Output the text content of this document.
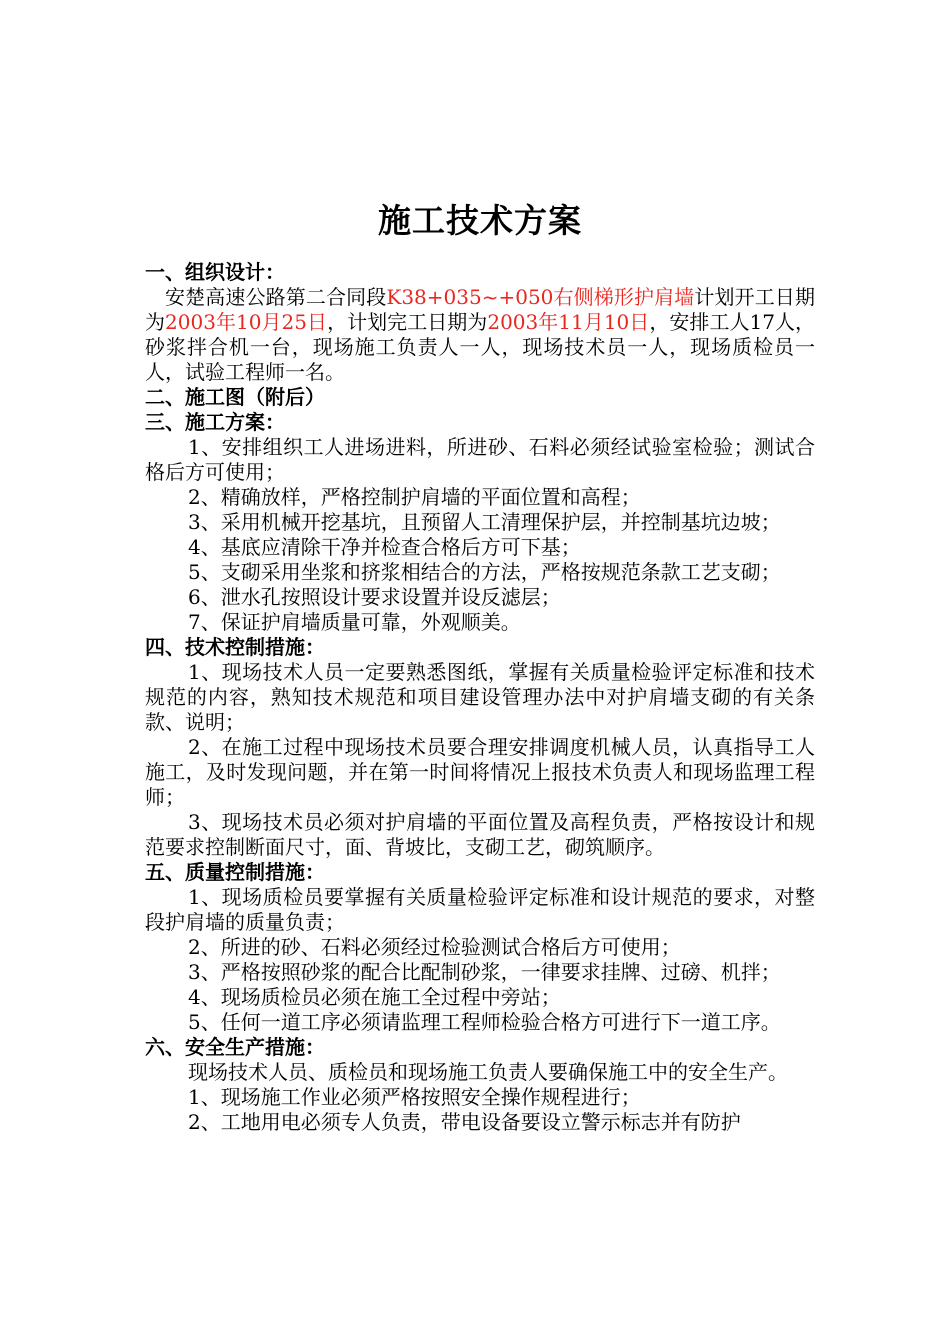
施工技术方案
一、组织设计：
安楚高速公路第二合同段K38+035~+050右侧梯形护肩墙计划开工日期为2003年10月25日，计划完工日期为2003年11月10日，安排工人17人，砂浆拌合机一台，现场施工负责人一人，现场技术员一人，现场质检员一人，试验工程师一名。
二、施工图（附后）
三、施工方案：
1、安排组织工人进场进料，所进砂、石料必须经试验室检验；测试合格后方可使用；
2、精确放样，严格控制护肩墙的平面位置和高程；
3、采用机械开挖基坑，且预留人工清理保护层，并控制基坑边坡；
4、基底应清除干净并检查合格后方可下基；
5、支砌采用坐浆和挤浆相结合的方法，严格按规范条款工艺支砌；
6、泄水孔按照设计要求设置并设反滤层；
7、保证护肩墙质量可靠，外观顺美。
四、技术控制措施：
1、现场技术人员一定要熟悉图纸，掌握有关质量检验评定标准和技术规范的内容，熟知技术规范和项目建设管理办法中对护肩墙支砌的有关条款、说明；
2、在施工过程中现场技术员要合理安排调度机械人员，认真指导工人施工，及时发现问题，并在第一时间将情况上报技术负责人和现场监理工程师；
3、现场技术员必须对护肩墙的平面位置及高程负责，严格按设计和规范要求控制断面尺寸，面、背坡比，支砌工艺，砌筑顺序。
五、质量控制措施：
1、现场质检员要掌握有关质量检验评定标准和设计规范的要求，对整段护肩墙的质量负责；
2、所进的砂、石料必须经过检验测试合格后方可使用；
3、严格按照砂浆的配合比配制砂浆，一律要求挂牌、过磅、机拌；
4、现场质检员必须在施工全过程中旁站；
5、任何一道工序必须请监理工程师检验合格方可进行下一道工序。
六、安全生产措施：
现场技术人员、质检员和现场施工负责人要确保施工中的安全生产。
1、现场施工作业必须严格按照安全操作规程进行；
2、工地用电必须专人负责，带电设备要设立警示标志并有防护
